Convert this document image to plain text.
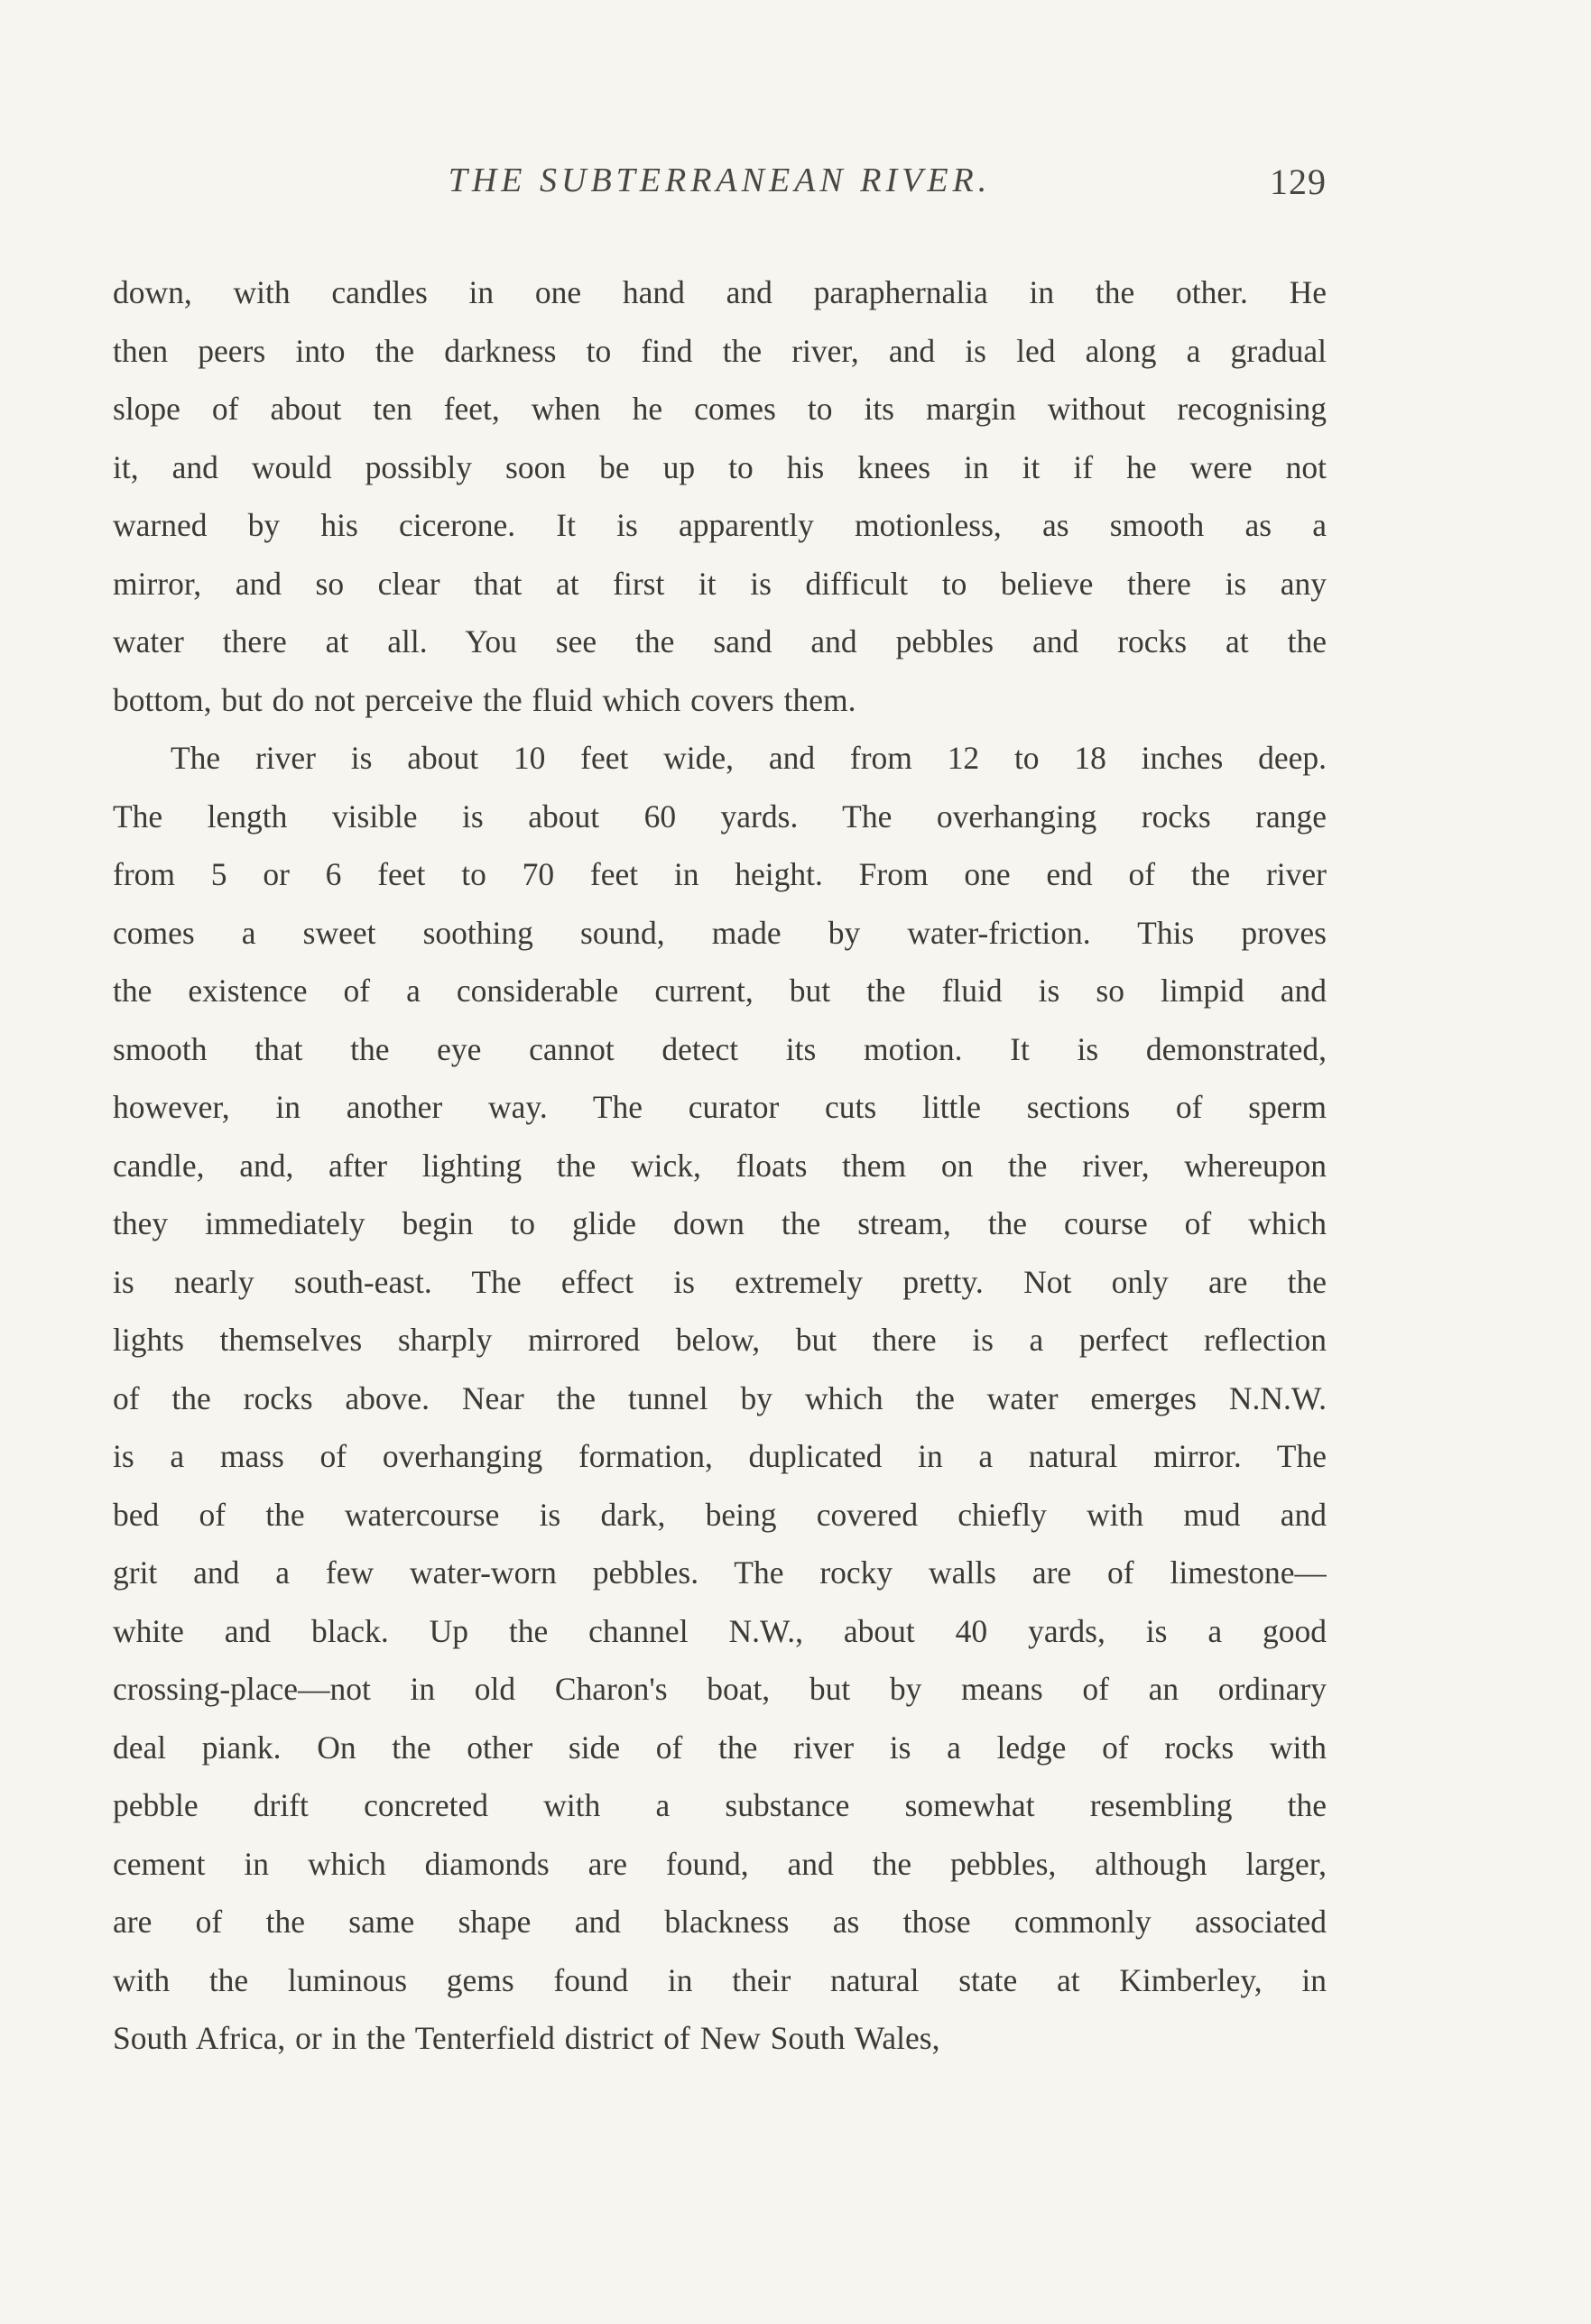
THE SUBTERRANEAN RIVER.	129
down, with candles in one hand and paraphernalia in the other. He
then peers into the darkness to find the river, and is led along a gradual
slope of about ten feet, when he comes to its margin without recognising
it, and would possibly soon be up to his knees in it if he were not
warned by his cicerone. It is apparently motionless, as smooth as a
mirror, and so clear that at first it is difficult to believe there is any
water there at all. You see the sand and pebbles and rocks at the
bottom, but do not perceive the fluid which covers them.
The river is about 10 feet wide, and from 12 to 18 inches deep.
The length visible is about 60 yards. The overhanging rocks range
from 5 or 6 feet to 70 feet in height. From one end of the river
comes a sweet soothing sound, made by water-friction. This proves
the existence of a considerable current, but the fluid is so limpid and
smooth that the eye cannot detect its motion. It is demonstrated,
however, in another way. The curator cuts little sections of sperm
candle, and, after lighting the wick, floats them on the river, whereupon
they immediately begin to glide down the stream, the course of which
is nearly south-east. The effect is extremely pretty. Not only are the
lights themselves sharply mirrored below, but there is a perfect reflection
of the rocks above. Near the tunnel by which the water emerges N.N.W.
is a mass of overhanging formation, duplicated in a natural mirror. The
bed of the watercourse is dark, being covered chiefly with mud and
grit and a few water-worn pebbles. The rocky walls are of limestone—
white and black. Up the channel N.W., about 40 yards, is a good
crossing-place—not in old Charon's boat, but by means of an ordinary
deal piank. On the other side of the river is a ledge of rocks with
pebble drift concreted with a substance somewhat resembling the
cement in which diamonds are found, and the pebbles, although larger,
are of the same shape and blackness as those commonly associated
with the luminous gems found in their natural state at Kimberley, in
South Africa, or in the Tenterfield district of New South Wales,
